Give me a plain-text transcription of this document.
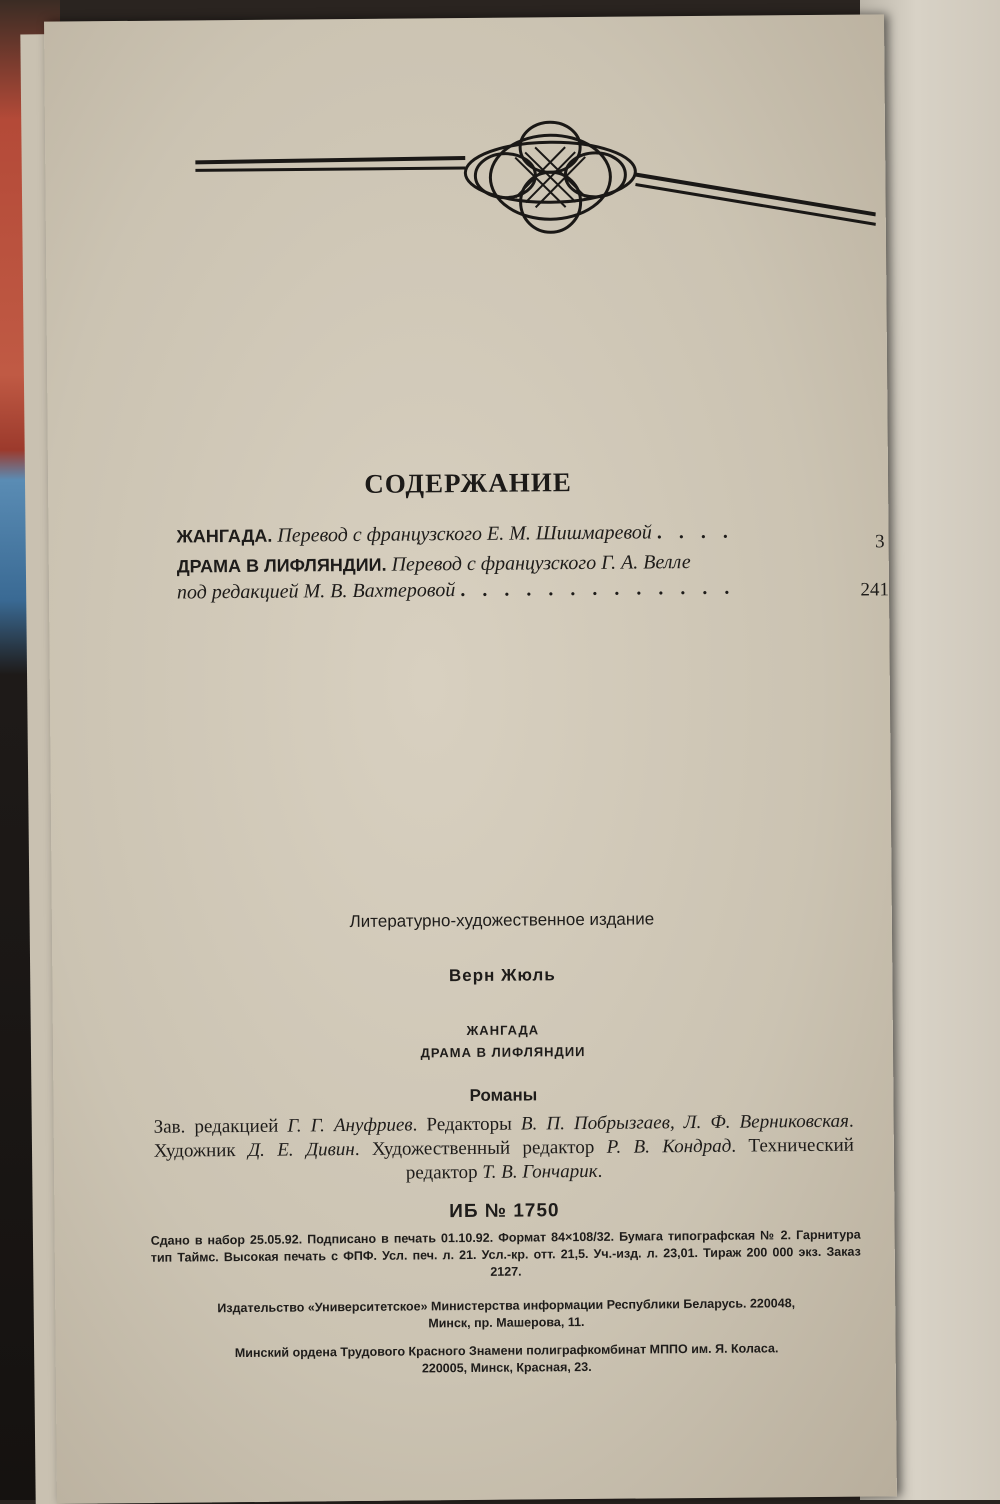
СОДЕРЖАНИЕ
ЖАНГАДА. Перевод с французского Е. М. Шишмаревой . . . .	3
ДРАМА В ЛИФЛЯНДИИ. Перевод с французского Г. А. Велле
под редакцией М. В. Вахтеровой . . . . . . . . . . . . .	241
Литературно-художественное издание
Верн Жюль
ЖАНГАДА
ДРАМА В ЛИФЛЯНДИИ
Романы
Зав. редакцией Г. Г. Ануфриев. Редакторы В. П. Побрызгаев, Л. Ф. Верниковская. Художник Д. Е. Дивин. Художественный редактор Р. В. Кондрад. Технический редактор Т. В. Гончарик.
ИБ № 1750
Сдано в набор 25.05.92. Подписано в печать 01.10.92. Формат 84×108/32. Бумага типографская № 2. Гарнитура тип Таймс. Высокая печать с ФПФ. Усл. печ. л. 21. Усл.-кр. отт. 21,5. Уч.-изд. л. 23,01. Тираж 200 000 экз. Заказ 2127.
Издательство «Университетское» Министерства информации Республики Беларусь. 220048,
Минск, пр. Машерова, 11.
Минский ордена Трудового Красного Знамени полиграфкомбинат МППО им. Я. Коласа.
220005, Минск, Красная, 23.
